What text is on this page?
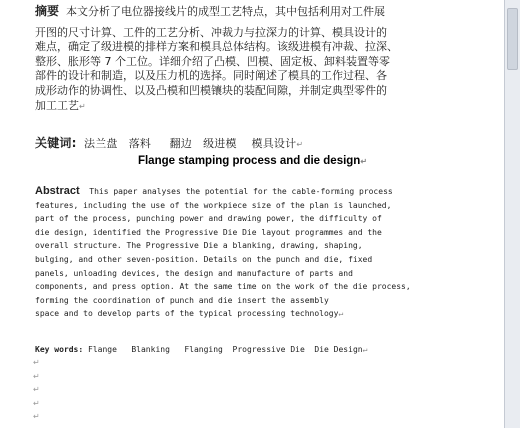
摘要 本文分析了电位器接线片的成型工艺特点，其中包括利用对工件展

开图的尺寸计算、工件的工艺分析、冲裁力与拉深力的计算、模具设计的

难点，确定了级进模的排样方案和模具总体结构。该级进模有冲裁、拉深、

整形、胀形等 7 个工位。详细介绍了凸模、凹模、固定板、卸料装置等零

部件的设计和制造，以及压力机的选择。同时阐述了模具的工作过程、各

成形动作的协调性、以及凸模和凹模镶块的装配间隙，并制定典型零件的

加工工艺↵

关键词: 法兰盘 落料 翻边 级进模 模具设计↵
Flange stamping process and die design↵
Abstract This paper analyses the potential for the cable-forming process
features, including the use of the workpiece size of the plan is launched,
part of the process, punching power and drawing power, the difficulty of
die design, identified the Progressive Die Die layout programmes and the
overall structure. The Progressive Die a blanking, drawing, shaping,
bulging, and other seven-position. Details on the punch and die, fixed
panels, unloading devices, the design and manufacture of parts and
components, and press option. At the same time on the work of the die process,
forming the coordination of punch and die insert the assembly
space and to develop parts of the typical processing technology↵
Key words: Flange Blanking Flanging Progressive Die Die Design↵
↵
↵
↵
↵
↵
